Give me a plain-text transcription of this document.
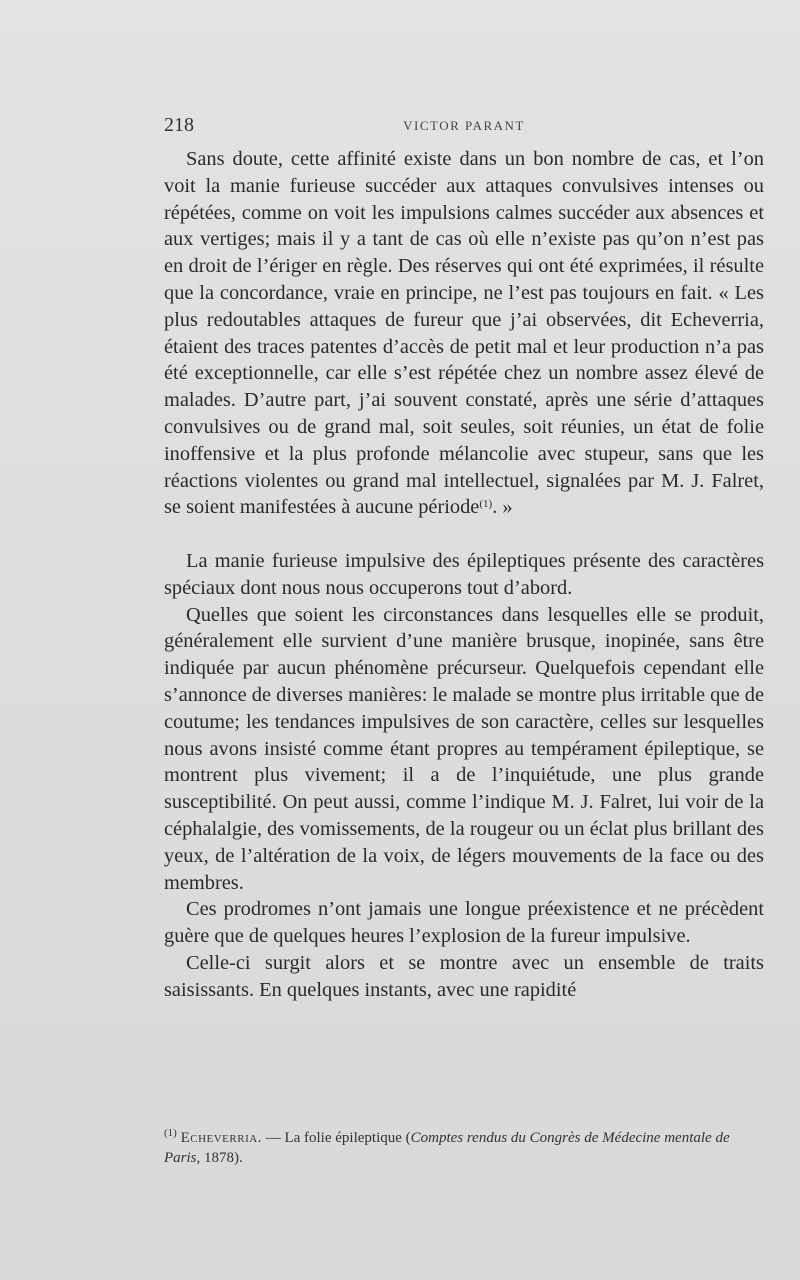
218	VICTOR PARANT

Sans doute, cette affinité existe dans un bon nombre de cas, et l’on voit la manie furieuse succéder aux attaques convulsives intenses ou répétées, comme on voit les impulsions calmes succéder aux absences et aux vertiges; mais il y a tant de cas où elle n’existe pas qu’on n’est pas en droit de l’ériger en règle. Des réserves qui ont été exprimées, il résulte que la concordance, vraie en principe, ne l’est pas toujours en fait. « Les plus redoutables attaques de fureur que j’ai observées, dit Echeverria, étaient des traces patentes d’accès de petit mal et leur production n’a pas été exceptionnelle, car elle s’est répétée chez un nombre assez élevé de malades. D’autre part, j’ai souvent constaté, après une série d’attaques convulsives ou de grand mal, soit seules, soit réunies, un état de folie inoffensive et la plus profonde mélancolie avec stupeur, sans que les réactions violentes ou grand mal intellectuel, signalées par M. J. Falret, se soient manifestées à aucune période$^{(1)}$. »

La manie furieuse impulsive des épileptiques présente des caractères spéciaux dont nous nous occuperons tout d’abord.

Quelles que soient les circonstances dans lesquelles elle se produit, généralement elle survient d’une manière brusque, inopinée, sans être indiquée par aucun phénomène précurseur. Quelquefois cependant elle s’annonce de diverses manières: le malade se montre plus irritable que de coutume; les tendances impulsives de son caractère, celles sur lesquelles nous avons insisté comme étant propres au tempérament épileptique, se montrent plus vivement; il a de l’inquiétude, une plus grande susceptibilité. On peut aussi, comme l’indique M. J. Falret, lui voir de la céphalalgie, des vomissements, de la rougeur ou un éclat plus brillant des yeux, de l’altération de la voix, de légers mouvements de la face ou des membres.

Ces prodromes n’ont jamais une longue préexistence et ne précèdent guère que de quelques heures l’explosion de la fureur impulsive.

Celle-ci surgit alors et se montre avec un ensemble de traits saisissants. En quelques instants, avec une rapidité

$^{(1)}$ Echeverria. — La folie épileptique (Comptes rendus du Congrès de Médecine mentale de Paris, 1878).
